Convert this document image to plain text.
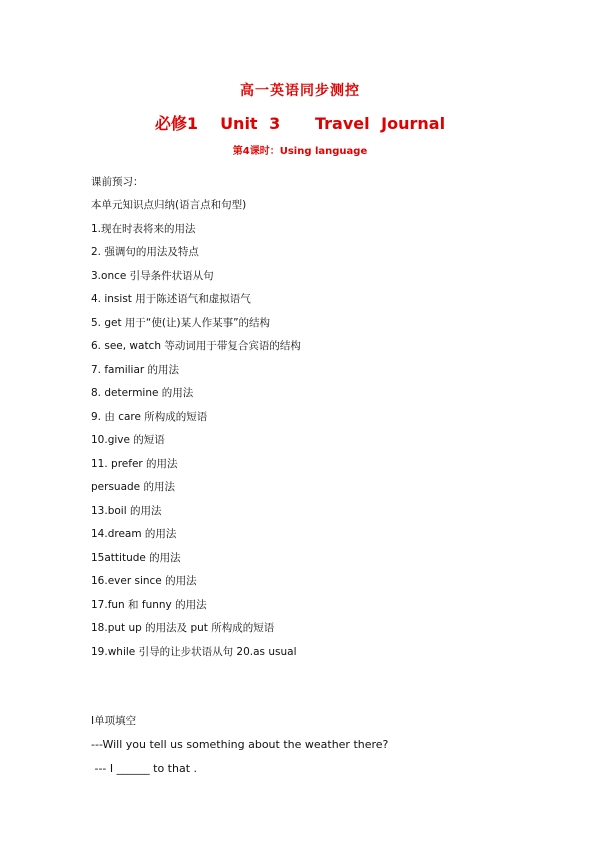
高一英语同步测控
必修1 Unit 3   Travel Journal
第4课时：Using language
课前预习：
本单元知识点归纳(语言点和句型)
1.现在时表将来的用法
2. 强调句的用法及特点
3.once 引导条件状语从句
4. insist 用于陈述语气和虚拟语气
5. get 用于“使(让)某人作某事”的结构
6. see, watch 等动词用于带复合宾语的结构
7. familiar 的用法
8. determine 的用法
9. 由 care 所构成的短语
10.give 的短语
11. prefer 的用法
persuade 的用法
13.boil 的用法
14.dream 的用法
15attitude 的用法
16.ever since 的用法
17.fun 和 funny 的用法
18.put up 的用法及 put 所构成的短语
19.while 引导的让步状语从句 20.as usual
Ⅰ单项填空
---Will you tell us something about the weather there?
--- I ______ to that .
